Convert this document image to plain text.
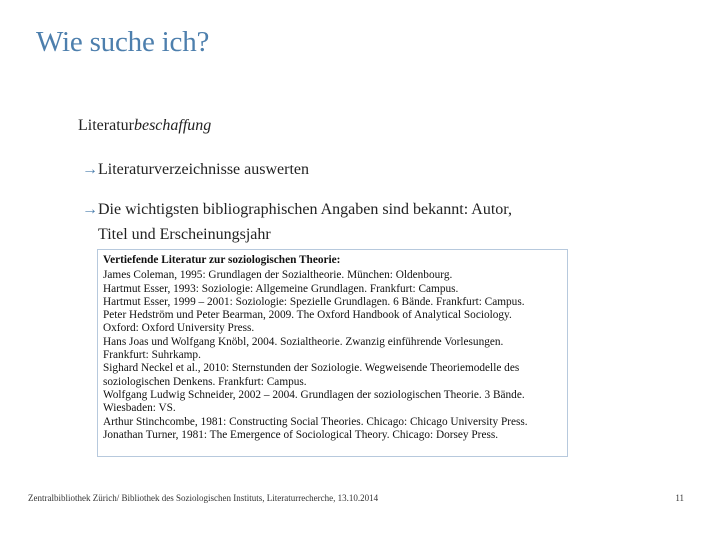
Wie suche ich?
Literaturbeschaffung
→Literaturverzeichnisse auswerten
→Die wichtigsten bibliographischen Angaben sind bekannt: Autor,
Titel und Erscheinungsjahr
Vertiefende Literatur zur soziologischen Theorie:
James Coleman, 1995: Grundlagen der Sozialtheorie. München: Oldenbourg.
Hartmut Esser, 1993: Soziologie: Allgemeine Grundlagen. Frankfurt: Campus.
Hartmut Esser, 1999 – 2001: Soziologie: Spezielle Grundlagen. 6 Bände. Frankfurt: Campus.
Peter Hedström und Peter Bearman, 2009. The Oxford Handbook of Analytical Sociology.
Oxford: Oxford University Press.
Hans Joas und Wolfgang Knöbl, 2004. Sozialtheorie. Zwanzig einführende Vorlesungen.
Frankfurt: Suhrkamp.
Sighard Neckel et al., 2010: Sternstunden der Soziologie. Wegweisende Theoriemodelle des
soziologischen Denkens. Frankfurt: Campus.
Wolfgang Ludwig Schneider, 2002 – 2004. Grundlagen der soziologischen Theorie. 3 Bände.
Wiesbaden: VS.
Arthur Stinchcombe, 1981: Constructing Social Theories. Chicago: Chicago University Press.
Jonathan Turner, 1981: The Emergence of Sociological Theory. Chicago: Dorsey Press.
Zentralbibliothek Zürich/ Bibliothek des Soziologischen Instituts, Literaturrecherche, 13.10.2014	11
